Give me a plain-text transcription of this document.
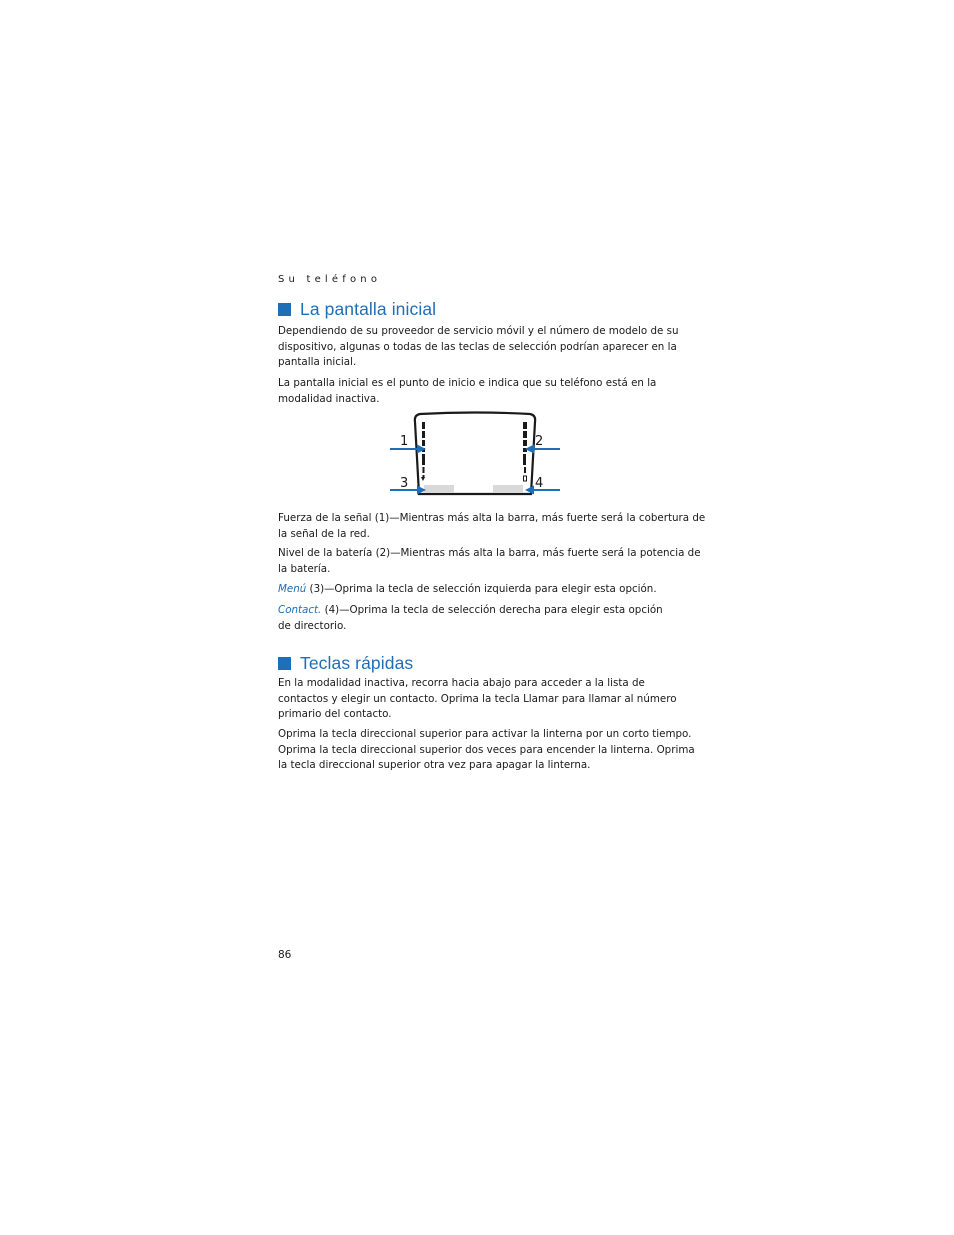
Su teléfono
La pantalla inicial

Dependiendo de su proveedor de servicio móvil y el número de modelo de su
dispositivo, algunas o todas de las teclas de selección podrían aparecer en la
pantalla inicial.

La pantalla inicial es el punto de inicio e indica que su teléfono está en la
modalidad inactiva.

1	2
3	4

Fuerza de la señal (1)—Mientras más alta la barra, más fuerte será la cobertura de
la señal de la red.

Nivel de la batería (2)—Mientras más alta la barra, más fuerte será la potencia de
la batería.

Menú (3)—Oprima la tecla de selección izquierda para elegir esta opción.

Contact. (4)—Oprima la tecla de selección derecha para elegir esta opción
de directorio.

Teclas rápidas

En la modalidad inactiva, recorra hacia abajo para acceder a la lista de
contactos y elegir un contacto. Oprima la tecla Llamar para llamar al número
primario del contacto.

Oprima la tecla direccional superior para activar la linterna por un corto tiempo.
Oprima la tecla direccional superior dos veces para encender la linterna. Oprima
la tecla direccional superior otra vez para apagar la linterna.

86
